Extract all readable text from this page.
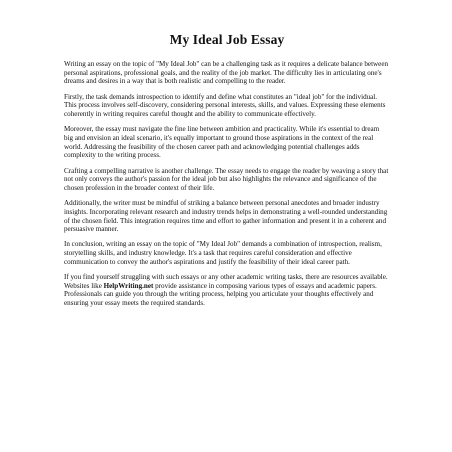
My Ideal Job Essay

Writing an essay on the topic of "My Ideal Job" can be a challenging task as it requires a delicate balance between personal aspirations, professional goals, and the reality of the job market. The difficulty lies in articulating one's dreams and desires in a way that is both realistic and compelling to the reader.

Firstly, the task demands introspection to identify and define what constitutes an "ideal job" for the individual. This process involves self-discovery, considering personal interests, skills, and values. Expressing these elements coherently in writing requires careful thought and the ability to communicate effectively.

Moreover, the essay must navigate the fine line between ambition and practicality. While it's essential to dream big and envision an ideal scenario, it's equally important to ground those aspirations in the context of the real world. Addressing the feasibility of the chosen career path and acknowledging potential challenges adds complexity to the writing process.

Crafting a compelling narrative is another challenge. The essay needs to engage the reader by weaving a story that not only conveys the author's passion for the ideal job but also highlights the relevance and significance of the chosen profession in the broader context of their life.

Additionally, the writer must be mindful of striking a balance between personal anecdotes and broader industry insights. Incorporating relevant research and industry trends helps in demonstrating a well-rounded understanding of the chosen field. This integration requires time and effort to gather information and present it in a coherent and persuasive manner.

In conclusion, writing an essay on the topic of "My Ideal Job" demands a combination of introspection, realism, storytelling skills, and industry knowledge. It's a task that requires careful consideration and effective communication to convey the author's aspirations and justify the feasibility of their ideal career path.

If you find yourself struggling with such essays or any other academic writing tasks, there are resources available. Websites like HelpWriting.net provide assistance in composing various types of essays and academic papers. Professionals can guide you through the writing process, helping you articulate your thoughts effectively and ensuring your essay meets the required standards.
